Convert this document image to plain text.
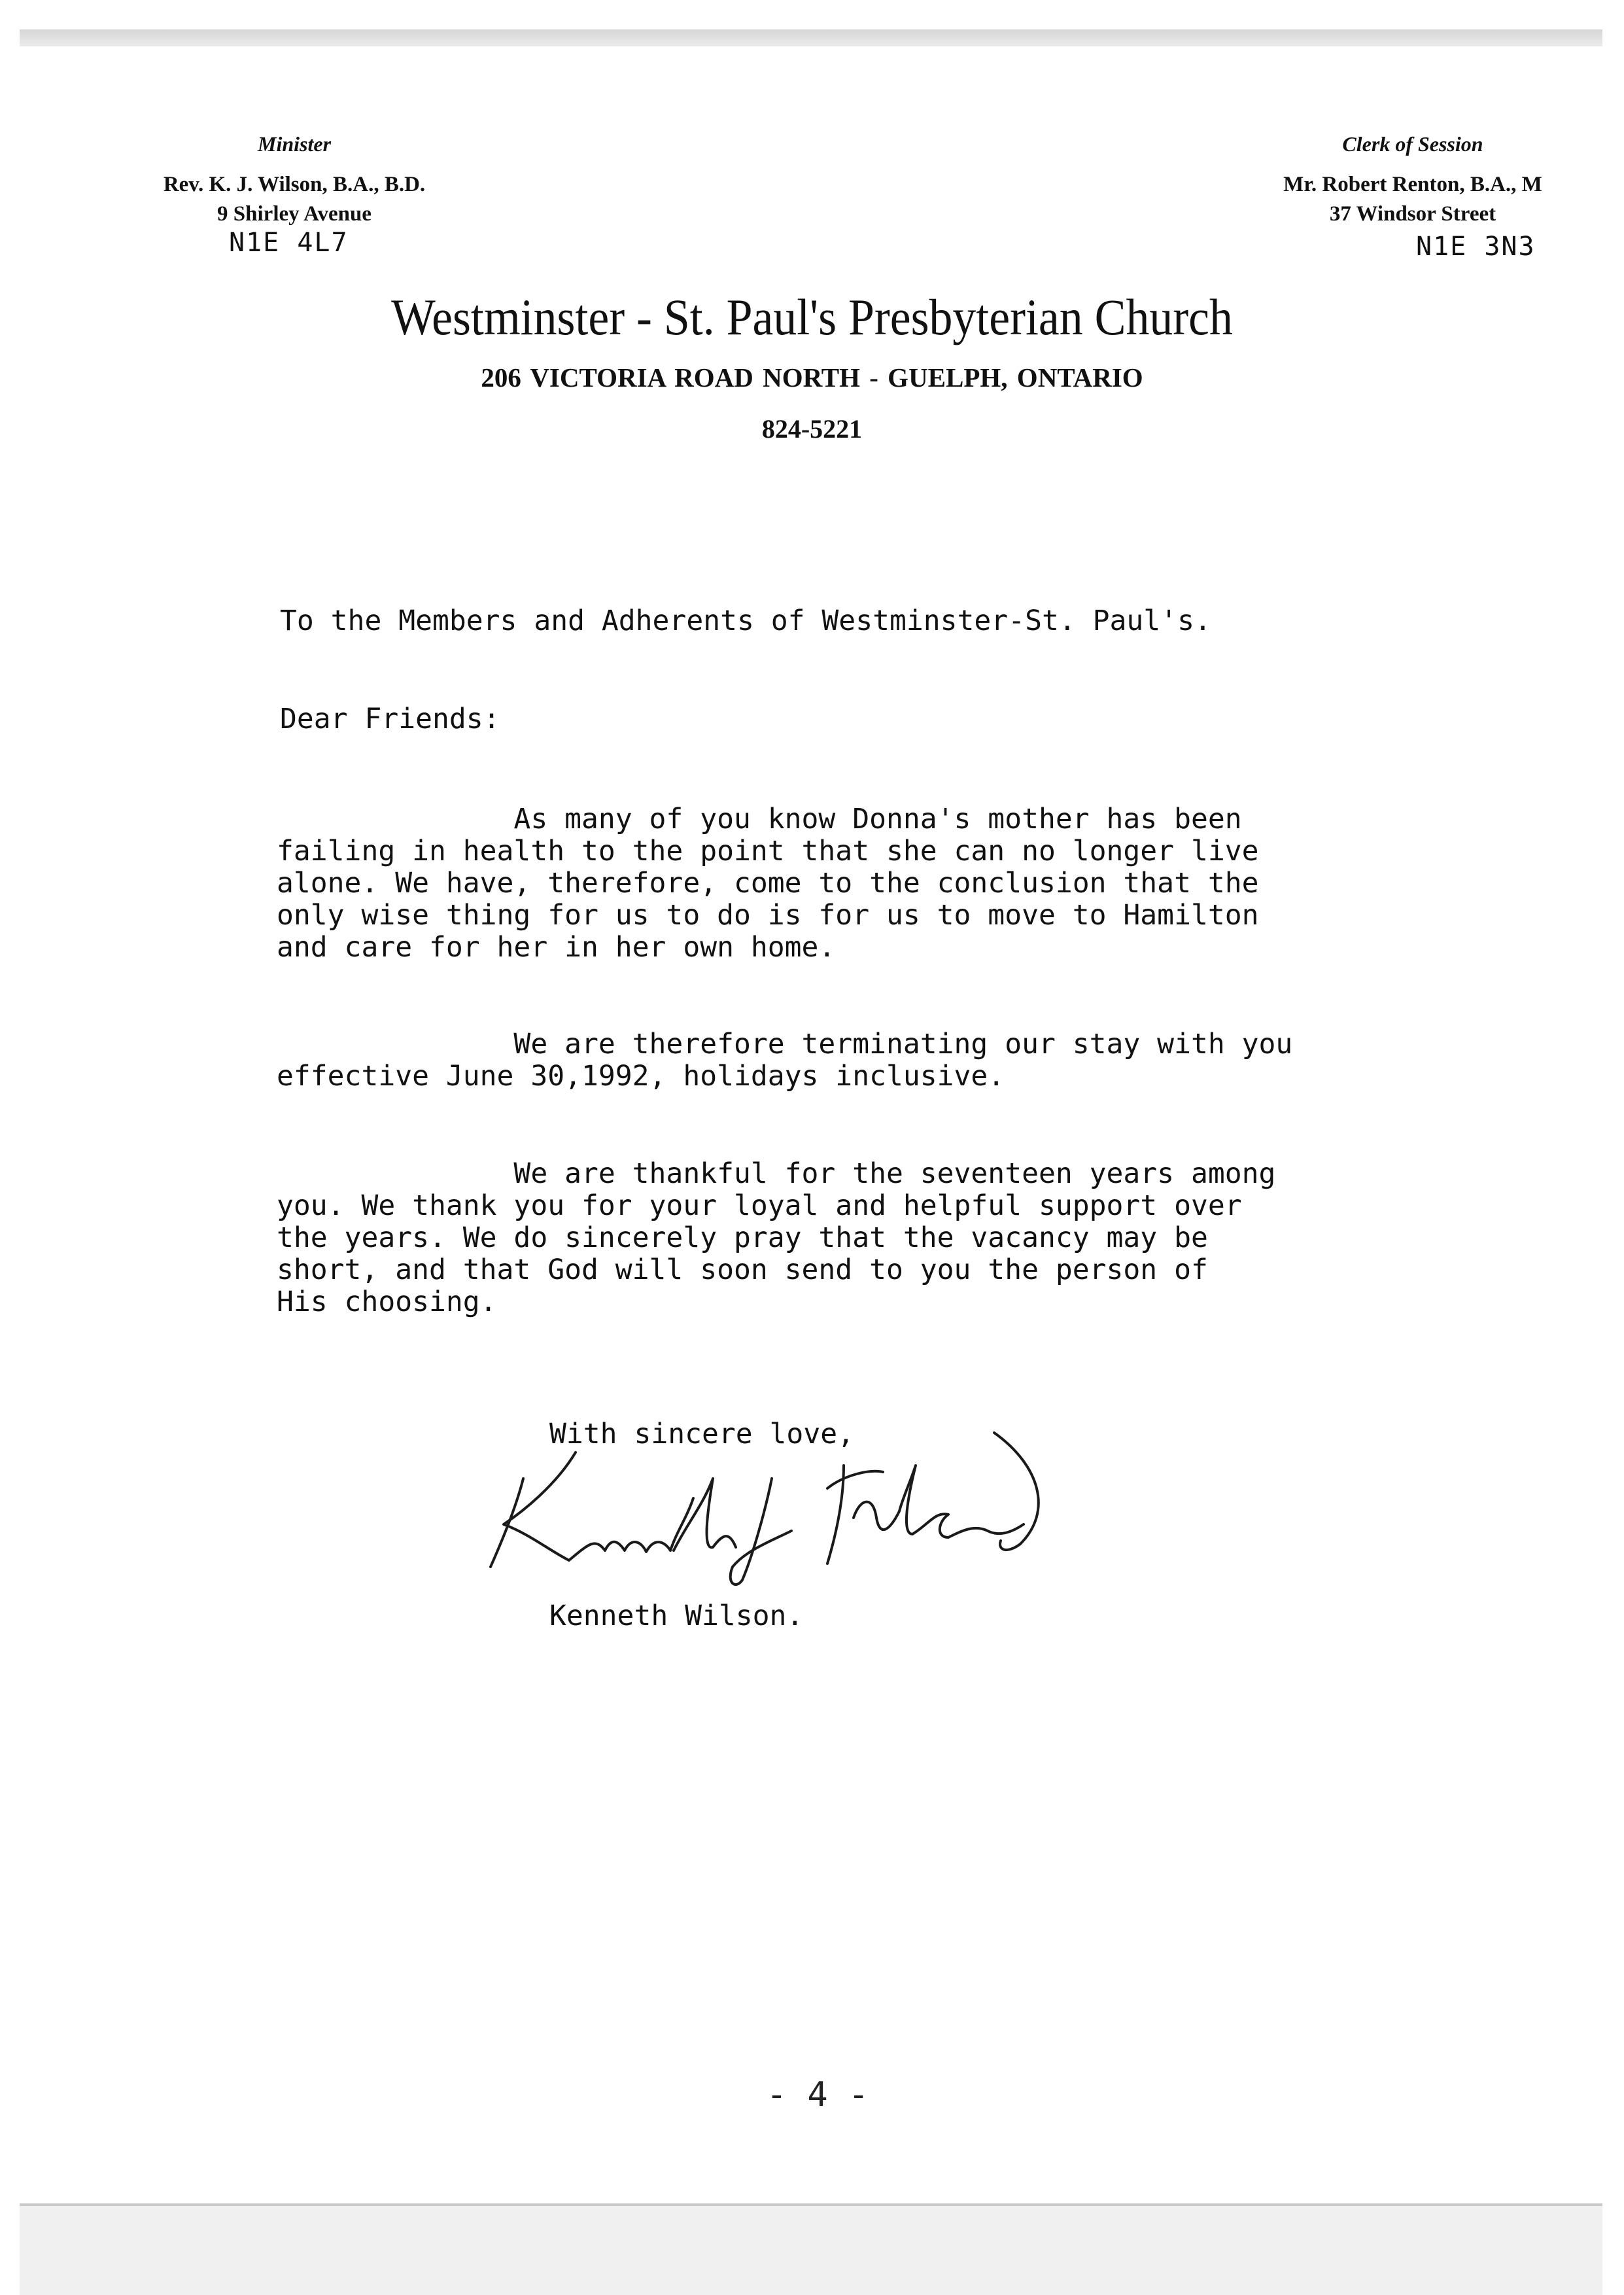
Minister
Rev. K. J. Wilson, B.A., B.D.
9 Shirley Avenue
N1E 4L7
Clerk of Session
Mr. Robert Renton, B.A., M
37 Windsor Street
N1E 3N3
Westminster - St. Paul's Presbyterian Church
206 VICTORIA ROAD NORTH - GUELPH, ONTARIO
824-5221
To the Members and Adherents of Westminster-St. Paul's.
Dear Friends:
As many of you know Donna's mother has been
failing in health to the point that she can no longer live
alone. We have, therefore, come to the conclusion that the
only wise thing for us to do is for us to move to Hamilton
and care for her in her own home.
We are therefore terminating our stay with you
effective June 30,1992, holidays inclusive.
We are thankful for the seventeen years among
you. We thank you for your loyal and helpful support over
the years. We do sincerely pray that the vacancy may be
short, and that God will soon send to you the person of
His choosing.
With sincere love,
Kenneth Wilson.
- 4 -
